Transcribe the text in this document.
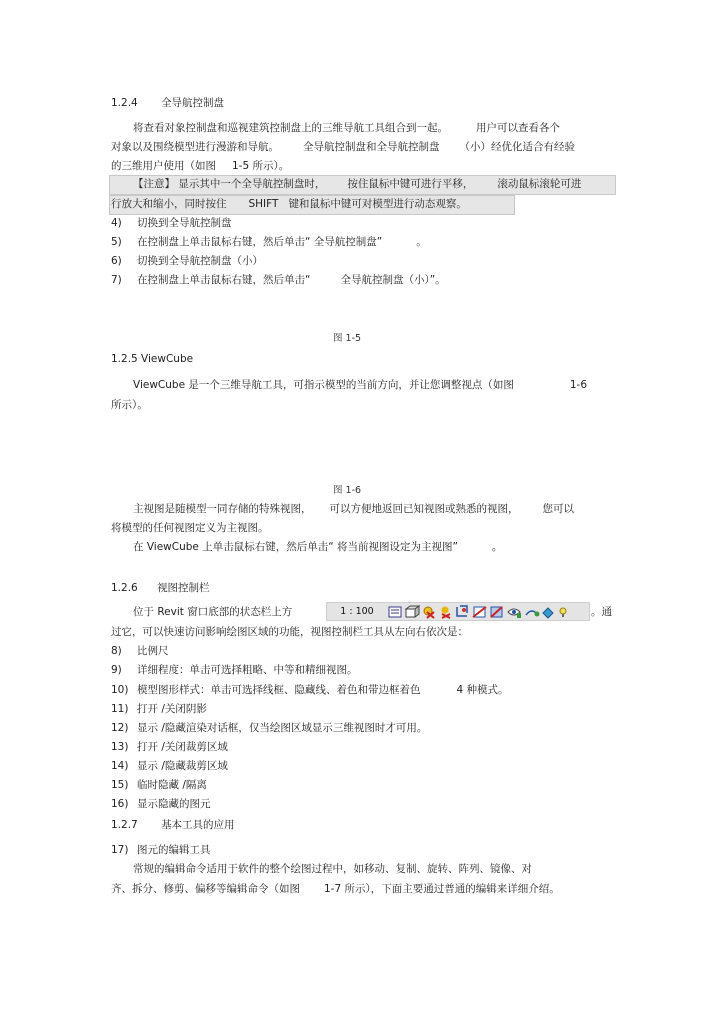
1.2.4 全导航控制盘
将查看对象控制盘和巡视建筑控制盘上的三维导航工具组合到一起。	用户可以查看各个
对象以及围绕模型进行漫游和导航。 全导航控制盘和全导航控制盘 （小）经优化适合有经验
的三维用户使用（如图 1-5 所示）。
【注意】 显示其中一个全导航控制盘时， 按住鼠标中键可进行平移， 滚动鼠标滚轮可进
行放大和缩小，同时按住 SHIFT 键和鼠标中键可对模型进行动态观察。
4) 切换到全导航控制盘
5) 在控制盘上单击鼠标右键，然后单击“ 全导航控制盘”	。
6) 切换到全导航控制盘（小）
7) 在控制盘上单击鼠标右键，然后单击“	全导航控制盘（小）”。
图 1-5
1.2.5 ViewCube
ViewCube 是一个三维导航工具，可指示模型的当前方向，并让您调整视点（如图	1-6
所示）。
图 1-6
主视图是随模型一同存储的特殊视图， 可以方便地返回已知视图或熟悉的视图， 您可以
将模型的任何视图定义为主视图。
在 ViewCube 上单击鼠标右键，然后单击“ 将当前视图设定为主视图”	。
1.2.6 视图控制栏
位于 Revit 窗口底部的状态栏上方	1 : 100	。通
过它，可以快速访问影响绘图区域的功能，视图控制栏工具从左向右依次是：
8) 比例尺
9) 详细程度：单击可选择粗略、中等和精细视图。
10) 模型图形样式：单击可选择线框、隐藏线、着色和带边框着色	4 种模式。
11) 打开 /关闭阴影
12) 显示 /隐藏渲染对话框，仅当绘图区域显示三维视图时才可用。
13) 打开 /关闭裁剪区域
14) 显示 /隐藏裁剪区域
15) 临时隐藏 /隔离
16) 显示隐藏的图元
1.2.7 基本工具的应用
17) 图元的编辑工具
常规的编辑命令适用于软件的整个绘图过程中，如移动、复制、旋转、阵列、镜像、对
齐、拆分、修剪、偏移等编辑命令（如图 1-7 所示），下面主要通过普通的编辑来详细介绍。
